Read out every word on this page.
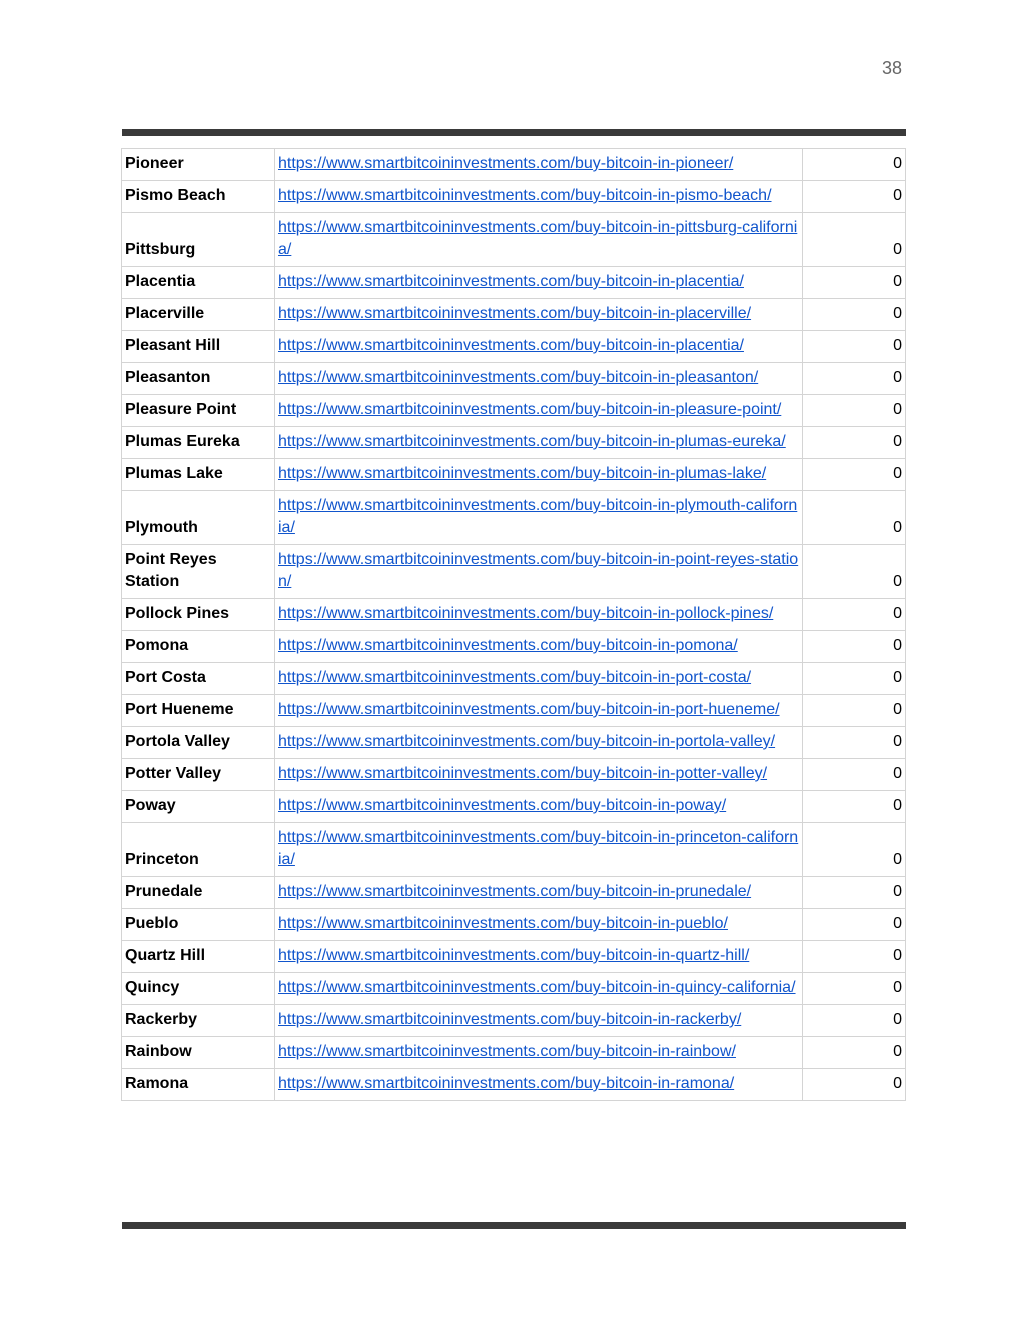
38
Pioneer	https://www.smartbitcoininvestments.com/buy-bitcoin-in-pioneer/	0
Pismo Beach	https://www.smartbitcoininvestments.com/buy-bitcoin-in-pismo-beach/	0
Pittsburg	https://www.smartbitcoininvestments.com/buy-bitcoin-in-pittsburg-california/	0
Placentia	https://www.smartbitcoininvestments.com/buy-bitcoin-in-placentia/	0
Placerville	https://www.smartbitcoininvestments.com/buy-bitcoin-in-placerville/	0
Pleasant Hill	https://www.smartbitcoininvestments.com/buy-bitcoin-in-placentia/	0
Pleasanton	https://www.smartbitcoininvestments.com/buy-bitcoin-in-pleasanton/	0
Pleasure Point	https://www.smartbitcoininvestments.com/buy-bitcoin-in-pleasure-point/	0
Plumas Eureka	https://www.smartbitcoininvestments.com/buy-bitcoin-in-plumas-eureka/	0
Plumas Lake	https://www.smartbitcoininvestments.com/buy-bitcoin-in-plumas-lake/	0
Plymouth	https://www.smartbitcoininvestments.com/buy-bitcoin-in-plymouth-california/	0
Point Reyes Station	https://www.smartbitcoininvestments.com/buy-bitcoin-in-point-reyes-station/	0
Pollock Pines	https://www.smartbitcoininvestments.com/buy-bitcoin-in-pollock-pines/	0
Pomona	https://www.smartbitcoininvestments.com/buy-bitcoin-in-pomona/	0
Port Costa	https://www.smartbitcoininvestments.com/buy-bitcoin-in-port-costa/	0
Port Hueneme	https://www.smartbitcoininvestments.com/buy-bitcoin-in-port-hueneme/	0
Portola Valley	https://www.smartbitcoininvestments.com/buy-bitcoin-in-portola-valley/	0
Potter Valley	https://www.smartbitcoininvestments.com/buy-bitcoin-in-potter-valley/	0
Poway	https://www.smartbitcoininvestments.com/buy-bitcoin-in-poway/	0
Princeton	https://www.smartbitcoininvestments.com/buy-bitcoin-in-princeton-california/	0
Prunedale	https://www.smartbitcoininvestments.com/buy-bitcoin-in-prunedale/	0
Pueblo	https://www.smartbitcoininvestments.com/buy-bitcoin-in-pueblo/	0
Quartz Hill	https://www.smartbitcoininvestments.com/buy-bitcoin-in-quartz-hill/	0
Quincy	https://www.smartbitcoininvestments.com/buy-bitcoin-in-quincy-california/	0
Rackerby	https://www.smartbitcoininvestments.com/buy-bitcoin-in-rackerby/	0
Rainbow	https://www.smartbitcoininvestments.com/buy-bitcoin-in-rainbow/	0
Ramona	https://www.smartbitcoininvestments.com/buy-bitcoin-in-ramona/	0
